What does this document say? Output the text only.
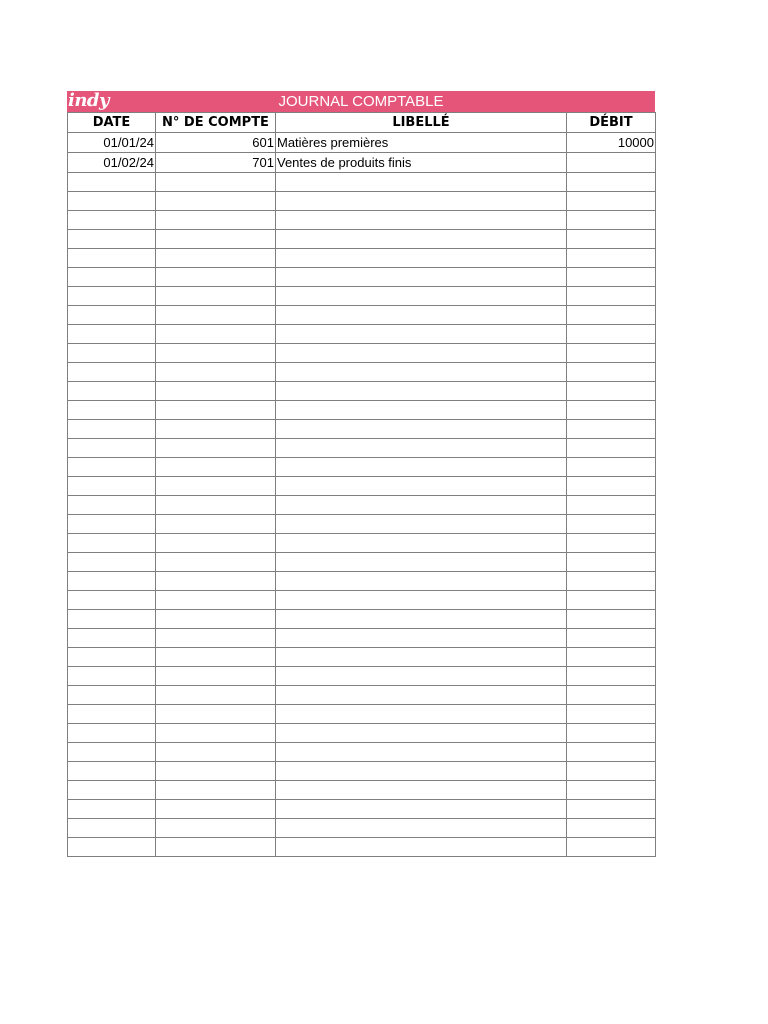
indy	JOURNAL COMPTABLE
DATE	N° DE COMPTE	LIBELLÉ	DÉBIT
01/01/24	601	Matières premières	10000
01/02/24	701	Ventes de produits finis	
